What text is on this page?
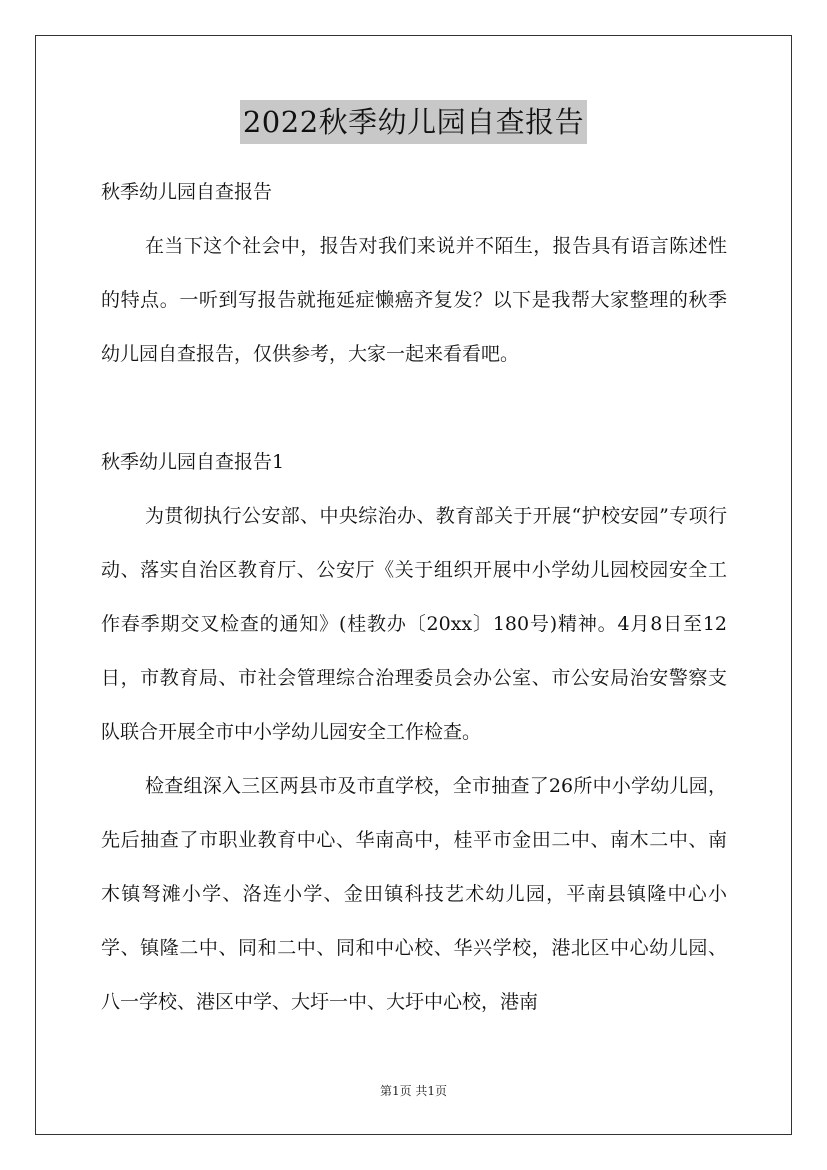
2022秋季幼儿园自查报告

秋季幼儿园自查报告

在当下这个社会中，报告对我们来说并不陌生，报告具有语言陈述性的特点。一听到写报告就拖延症懒癌齐复发？以下是我帮大家整理的秋季幼儿园自查报告，仅供参考，大家一起来看看吧。

秋季幼儿园自查报告1

为贯彻执行公安部、中央综治办、教育部关于开展“护校安园”专项行动、落实自治区教育厅、公安厅《关于组织开展中小学幼儿园校园安全工作春季期交叉检查的通知》(桂教办〔20xx〕180号)精神。4月8日至12日，市教育局、市社会管理综合治理委员会办公室、市公安局治安警察支队联合开展全市中小学幼儿园安全工作检查。

检查组深入三区两县市及市直学校，全市抽查了26所中小学幼儿园，先后抽查了市职业教育中心、华南高中，桂平市金田二中、南木二中、南木镇弩滩小学、洛连小学、金田镇科技艺术幼儿园，平南县镇隆中心小学、镇隆二中、同和二中、同和中心校、华兴学校，港北区中心幼儿园、八一学校、港区中学、大圩一中、大圩中心校，港南

第1页 共1页
